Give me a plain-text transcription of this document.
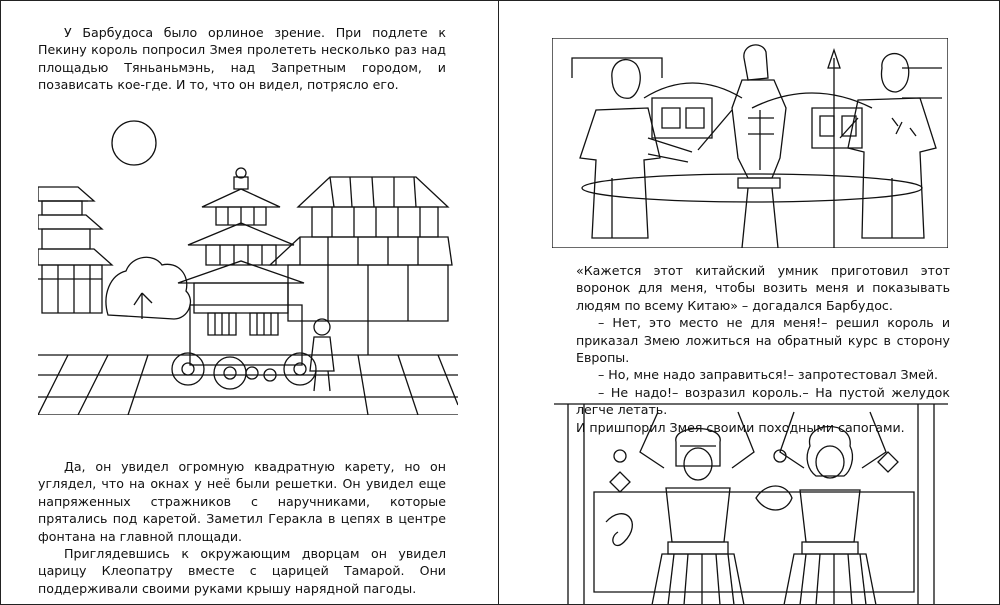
У Барбудоса было орлиное зрение. При подлете к Пекину король попросил Змея пролететь несколько раз над площадью Тяньаньмэнь, над Запретным городом, и позависать кое-где. И то, что он видел, потрясло его.

Да, он увидел огромную квадратную карету, но он углядел, что на окнах у неё были решетки. Он увидел еще напряженных стражников с наручниками, которые прятались под каретой. Заметил Геракла в цепях в центре фонтана на главной площади.

Приглядевшись к окружающим дворцам он увидел царицу Клеопатру вместе с царицей Тамарой. Они поддерживали своими руками крышу нарядной пагоды.

«Кажется этот китайский умник приготовил этот воронок для меня, чтобы возить меня и показывать людям по всему Китаю» – догадался Барбудос.

– Нет, это место не для меня!– решил король и приказал Змею ложиться на обратный курс в сторону Европы.

– Но, мне надо заправиться!– запротестовал Змей.

– Не надо!– возразил король.– На пустой желудок легче летать.

И пришпорил Змея своими походными сапогами.
